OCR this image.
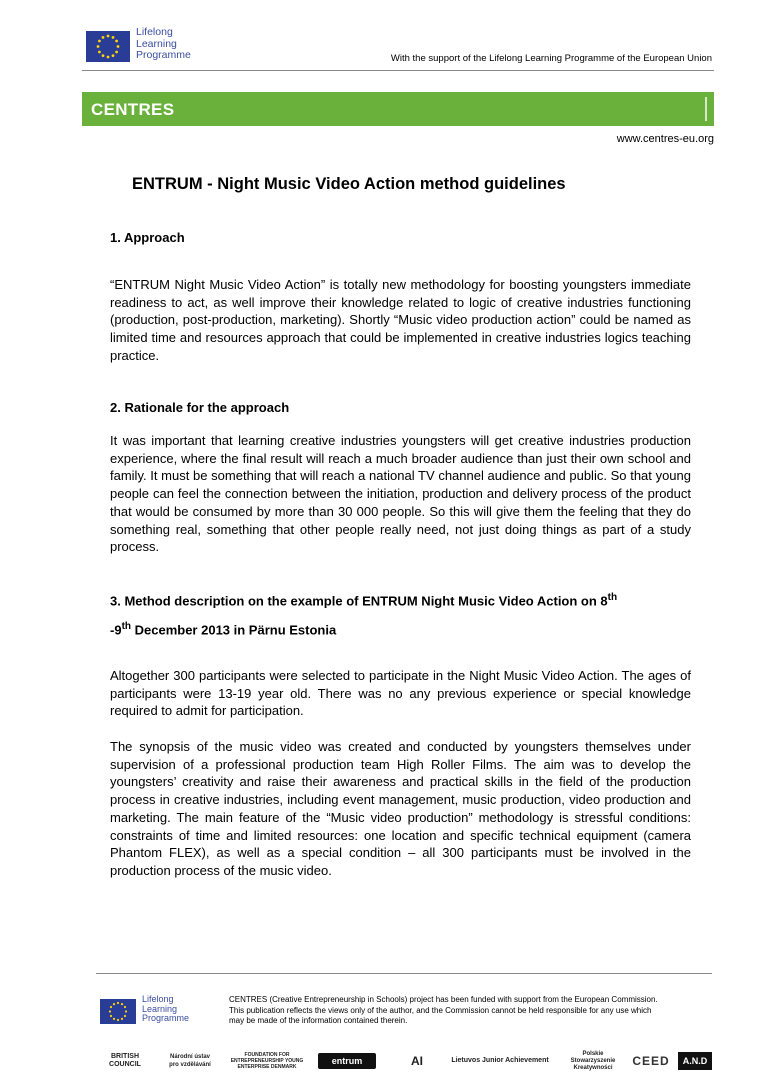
Lifelong
Learning
Programme	With the support of the Lifelong Learning Programme of the European Union
CENTRES
www.centres-eu.org
ENTRUM - Night Music Video Action method guidelines
1. Approach
“ENTRUM Night Music Video Action” is totally new methodology for boosting youngsters immediate readiness to act, as well improve their knowledge related to logic of creative industries functioning (production, post-production, marketing). Shortly “Music video production action” could be named as limited time and resources approach that could be implemented in creative industries logics teaching practice.
2. Rationale for the approach
It was important that learning creative industries youngsters will get creative industries production experience, where the final result will reach a much broader audience than just their own school and family. It must be something that will reach a national TV channel audience and public. So that young people can feel the connection between the initiation, production and delivery process of the product that would be consumed by more than 30 000 people. So this will give them the feeling that they do something real, something that other people really need, not just doing things as part of a study process.
3. Method description on the example of ENTRUM Night Music Video Action on 8th
-9th December 2013 in Pärnu Estonia
Altogether 300 participants were selected to participate in the Night Music Video Action. The ages of participants were 13-19 year old. There was no any previous experience or special knowledge required to admit for participation.
The synopsis of the music video was created and conducted by youngsters themselves under supervision of a professional production team High Roller Films. The aim was to develop the youngsters’ creativity and raise their awareness and practical skills in the field of the production process in creative industries, including event management, music production, video production and marketing. The main feature of the “Music video production” methodology is stressful conditions: constraints of time and limited resources: one location and specific technical equipment (camera Phantom FLEX), as well as a special condition – all 300 participants must be involved in the production process of the music video.
Lifelong
Learning
Programme
CENTRES (Creative Entrepreneurship in Schools) project has been funded with support from the European Commission.
This publication reflects the views only of the author, and the Commission cannot be held responsible for any use which
may be made of the information contained therein.
BRITISH COUNCIL
Národní ústav pro vzdělávání
FOUNDATION FOR ENTREPRENEURSHIP YOUNG ENTERPRISE DENMARK
entrum	AI	Lietuvos Junior Achievement
Polskie Stowarzyszenie Kreatywności	CEED	A.N.D
